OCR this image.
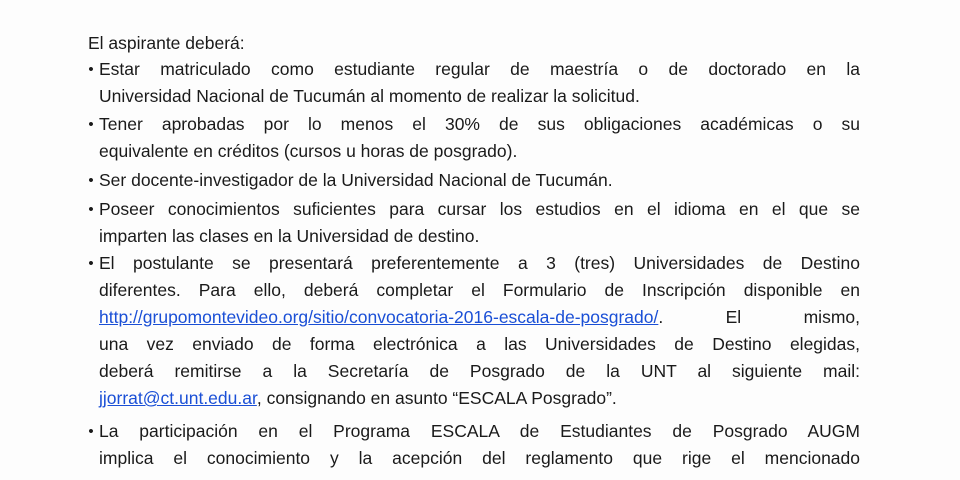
El aspirante deberá:
• Estar matriculado como estudiante regular de maestría o de doctorado en la
Universidad Nacional de Tucumán al momento de realizar la solicitud.
• Tener aprobadas por lo menos el 30% de sus obligaciones académicas o su
equivalente en créditos (cursos u horas de posgrado).
• Ser docente-investigador de la Universidad Nacional de Tucumán.
• Poseer conocimientos suficientes para cursar los estudios en el idioma en el que se
imparten las clases en la Universidad de destino.
• El postulante se presentará preferentemente a 3 (tres) Universidades de Destino
diferentes. Para ello, deberá completar el Formulario de Inscripción disponible en
http://grupomontevideo.org/sitio/convocatoria-2016-escala-de-posgrado/. El mismo,
una vez enviado de forma electrónica a las Universidades de Destino elegidas,
deberá remitirse a la Secretaría de Posgrado de la UNT al siguiente mail:
jjorrat@ct.unt.edu.ar, consignando en asunto “ESCALA Posgrado”.
• La participación en el Programa ESCALA de Estudiantes de Posgrado AUGM
implica el conocimiento y la acepción del reglamento que rige el mencionado
